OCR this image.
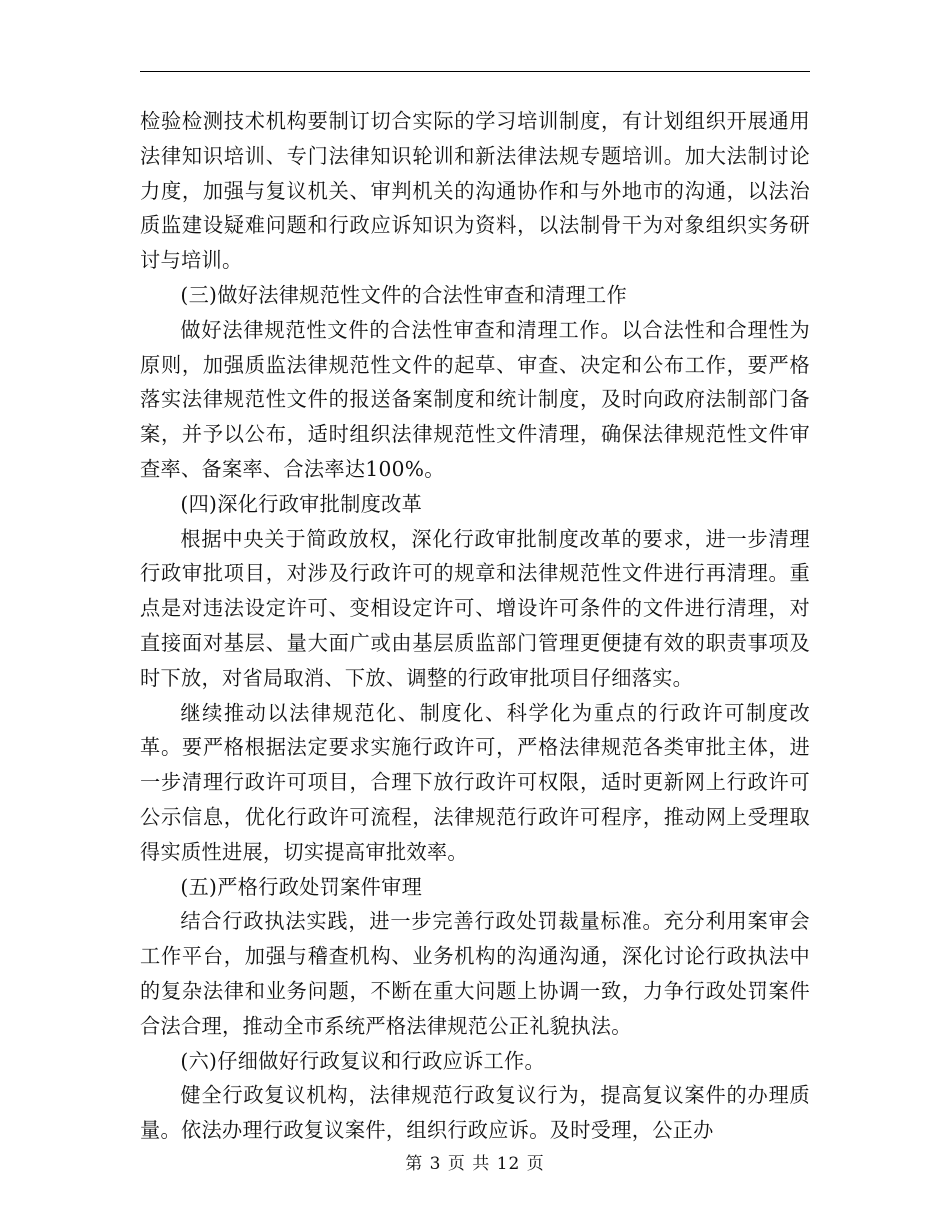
检验检测技术机构要制订切合实际的学习培训制度，有计划组织开展通用法律知识培训、专门法律知识轮训和新法律法规专题培训。加大法制讨论力度，加强与复议机关、审判机关的沟通协作和与外地市的沟通，以法治质监建设疑难问题和行政应诉知识为资料，以法制骨干为对象组织实务研讨与培训。

(三)做好法律规范性文件的合法性审查和清理工作

做好法律规范性文件的合法性审查和清理工作。以合法性和合理性为原则，加强质监法律规范性文件的起草、审查、决定和公布工作，要严格落实法律规范性文件的报送备案制度和统计制度，及时向政府法制部门备案，并予以公布，适时组织法律规范性文件清理，确保法律规范性文件审查率、备案率、合法率达100%。

(四)深化行政审批制度改革

根据中央关于简政放权，深化行政审批制度改革的要求，进一步清理行政审批项目，对涉及行政许可的规章和法律规范性文件进行再清理。重点是对违法设定许可、变相设定许可、增设许可条件的文件进行清理，对直接面对基层、量大面广或由基层质监部门管理更便捷有效的职责事项及时下放，对省局取消、下放、调整的行政审批项目仔细落实。

继续推动以法律规范化、制度化、科学化为重点的行政许可制度改革。要严格根据法定要求实施行政许可，严格法律规范各类审批主体，进一步清理行政许可项目，合理下放行政许可权限，适时更新网上行政许可公示信息，优化行政许可流程，法律规范行政许可程序，推动网上受理取得实质性进展，切实提高审批效率。

(五)严格行政处罚案件审理

结合行政执法实践，进一步完善行政处罚裁量标准。充分利用案审会工作平台，加强与稽查机构、业务机构的沟通沟通，深化讨论行政执法中的复杂法律和业务问题，不断在重大问题上协调一致，力争行政处罚案件合法合理，推动全市系统严格法律规范公正礼貌执法。

(六)仔细做好行政复议和行政应诉工作。

健全行政复议机构，法律规范行政复议行为，提高复议案件的办理质量。依法办理行政复议案件，组织行政应诉。及时受理，公正办

第 3 页 共 12 页
